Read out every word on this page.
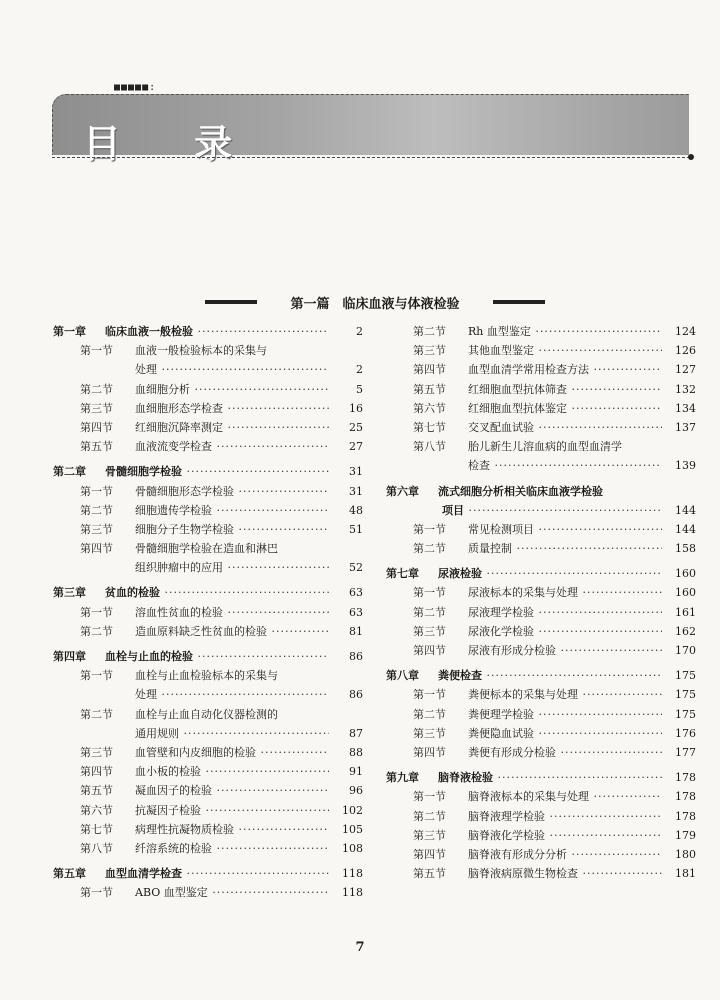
■■■■■:
目 录
第一篇　临床血液与体液检验
第一章 临床血液一般检验 ·····	2
第一节 血液一般检验标本的采集与
处理 ·····	2
第二节 血细胞分析 ·····	5
第三节 血细胞形态学检查 ·····	16
第四节 红细胞沉降率测定 ·····	25
第五节 血液流变学检查 ·····	27
第二章 骨髓细胞学检验 ·····	31
第一节 骨髓细胞形态学检验 ·····	31
第二节 细胞遗传学检验 ·····	48
第三节 细胞分子生物学检验 ·····	51
第四节 骨髓细胞学检验在造血和淋巴
组织肿瘤中的应用 ·····	52
第三章 贫血的检验 ·····	63
第一节 溶血性贫血的检验 ·····	63
第二节 造血原料缺乏性贫血的检验 ·····	81
第四章 血栓与止血的检验 ·····	86
第一节 血栓与止血检验标本的采集与
处理 ·····	86
第二节 血栓与止血自动化仪器检测的
通用规则 ·····	87
第三节 血管壁和内皮细胞的检验 ·····	88
第四节 血小板的检验 ·····	91
第五节 凝血因子的检验 ·····	96
第六节 抗凝因子检验 ·····	102
第七节 病理性抗凝物质检验 ·····	105
第八节 纤溶系统的检验 ·····	108
第五章 血型血清学检查 ·····	118
第一节 ABO 血型鉴定 ·····	118
第二节 Rh 血型鉴定 ·····	124
第三节 其他血型鉴定 ·····	126
第四节 血型血清学常用检查方法 ·····	127
第五节 红细胞血型抗体筛查 ·····	132
第六节 红细胞血型抗体鉴定 ·····	134
第七节 交叉配血试验 ·····	137
第八节 胎儿新生儿溶血病的血型血清学
检查 ·····	139
第六章 流式细胞分析相关临床血液学检验
项目 ·····	144
第一节 常见检测项目 ·····	144
第二节 质量控制 ·····	158
第七章 尿液检验 ·····	160
第一节 尿液标本的采集与处理 ·····	160
第二节 尿液理学检验 ·····	161
第三节 尿液化学检验 ·····	162
第四节 尿液有形成分检验 ·····	170
第八章 粪便检查 ·····	175
第一节 粪便标本的采集与处理 ·····	175
第二节 粪便理学检验 ·····	175
第三节 粪便隐血试验 ·····	176
第四节 粪便有形成分检验 ·····	177
第九章 脑脊液检验 ·····	178
第一节 脑脊液标本的采集与处理 ·····	178
第二节 脑脊液理学检验 ·····	178
第三节 脑脊液化学检验 ·····	179
第四节 脑脊液有形成分分析 ·····	180
第五节 脑脊液病原微生物检查 ·····	181
7
